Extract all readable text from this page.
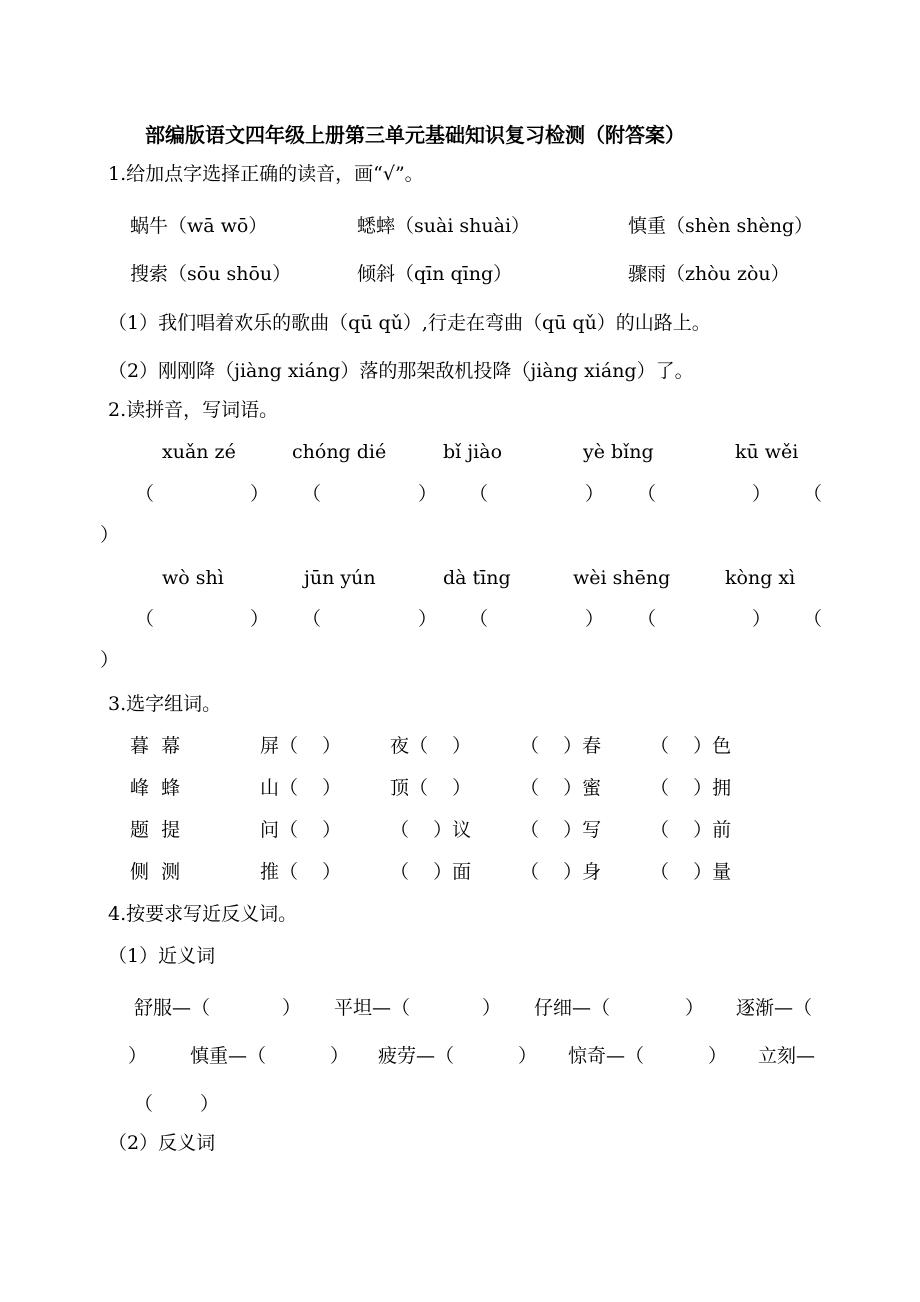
部编版语文四年级上册第三单元基础知识复习检测（附答案）
1.给加点字选择正确的读音，画“√”。
蜗牛（wā wō）	蟋蟀（suài shuài）	慎重（shèn shèng）
搜索（sōu shōu）	倾斜（qīn qīng）	骤雨（zhòu zòu）
（1）我们唱着欢乐的歌曲（qū qǔ）,行走在弯曲（qū qǔ）的山路上。
（2）刚刚降（jiàng xiáng）落的那架敌机投降（jiàng xiáng）了。
2.读拼音，写词语。
xuǎn zé	chóng dié	bǐ jiào	yè bǐng	kū wěi
（	） （	） （	） （	） （
）
wò shì	jūn yún	dà tīng	wèi shēng	kòng xì
（	） （	） （	） （	） （
）
3.选字组词。
暮  幕	屏（    ）	夜（    ）	（    ）春	（    ）色
峰  蜂	山（    ）	顶（    ）	（    ）蜜	（    ）拥
题  提	问（    ）	（    ）议	（    ）写	（    ）前
侧  测	推（    ）	（    ）面	（    ）身	（    ）量
4.按要求写近反义词。
（1）近义词
舒服—（	） 平坦—（	） 仔细—（	） 逐渐—（
） 慎重—（	） 疲劳—（	） 惊奇—（	） 立刻—
（ ）
（2）反义词
